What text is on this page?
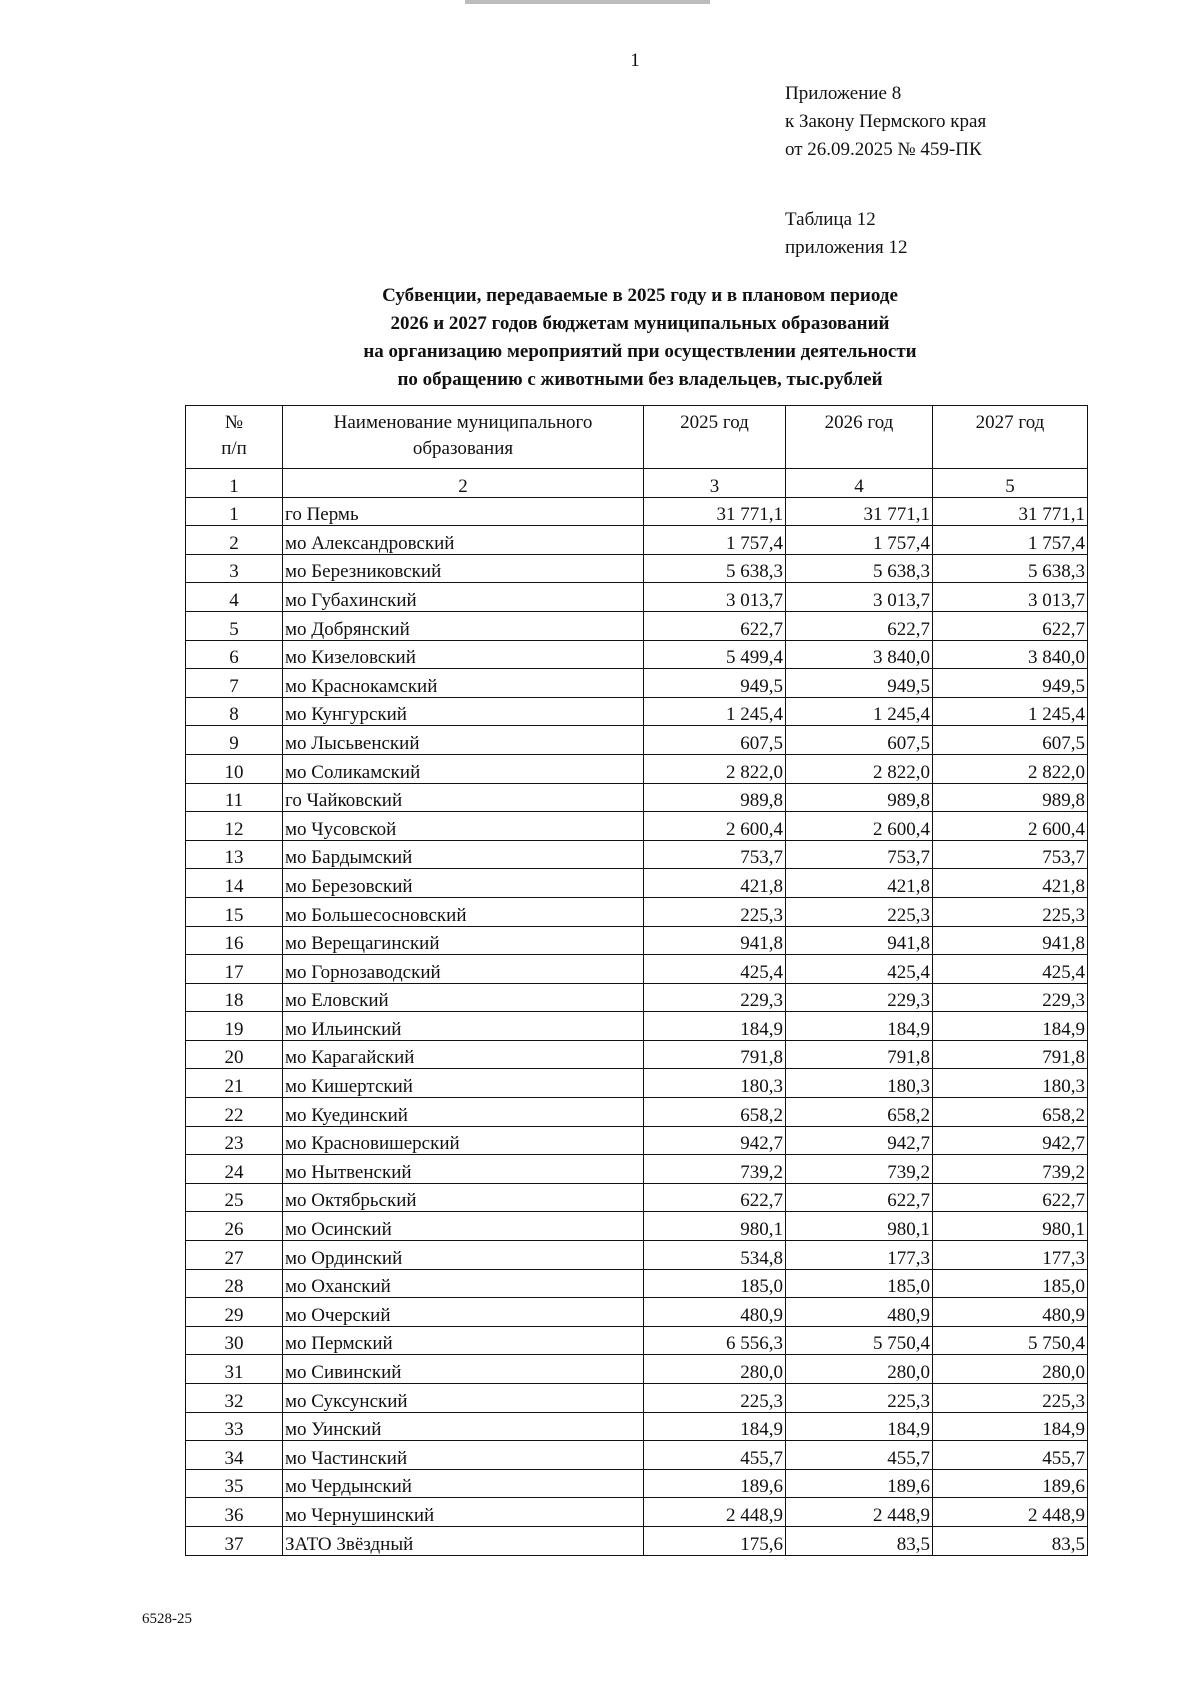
1
Приложение 8
к Закону Пермского края
от 26.09.2025 № 459-ПК
Таблица 12
приложения 12
Субвенции, передаваемые в 2025 году и в плановом периоде
2026 и 2027 годов бюджетам муниципальных образований
на организацию мероприятий при осуществлении деятельности
по обращению с животными без владельцев, тыс.рублей
№
п/п	Наименование муниципального образования	2025 год	2026 год	2027 год
1	2	3	4	5
1	го Пермь	31 771,1	31 771,1	31 771,1
2	мо Александровский	1 757,4	1 757,4	1 757,4
3	мо Березниковский	5 638,3	5 638,3	5 638,3
4	мо Губахинский	3 013,7	3 013,7	3 013,7
5	мо Добрянский	622,7	622,7	622,7
6	мо Кизеловский	5 499,4	3 840,0	3 840,0
7	мо Краснокамский	949,5	949,5	949,5
8	мо Кунгурский	1 245,4	1 245,4	1 245,4
9	мо Лысьвенский	607,5	607,5	607,5
10	мо Соликамский	2 822,0	2 822,0	2 822,0
11	го Чайковский	989,8	989,8	989,8
12	мо Чусовской	2 600,4	2 600,4	2 600,4
13	мо Бардымский	753,7	753,7	753,7
14	мо Березовский	421,8	421,8	421,8
15	мо Большесосновский	225,3	225,3	225,3
16	мо Верещагинский	941,8	941,8	941,8
17	мо Горнозаводский	425,4	425,4	425,4
18	мо Еловский	229,3	229,3	229,3
19	мо Ильинский	184,9	184,9	184,9
20	мо Карагайский	791,8	791,8	791,8
21	мо Кишертский	180,3	180,3	180,3
22	мо Куединский	658,2	658,2	658,2
23	мо Красновишерский	942,7	942,7	942,7
24	мо Нытвенский	739,2	739,2	739,2
25	мо Октябрьский	622,7	622,7	622,7
26	мо Осинский	980,1	980,1	980,1
27	мо Ординский	534,8	177,3	177,3
28	мо Оханский	185,0	185,0	185,0
29	мо Очерский	480,9	480,9	480,9
30	мо Пермский	6 556,3	5 750,4	5 750,4
31	мо Сивинский	280,0	280,0	280,0
32	мо Суксунский	225,3	225,3	225,3
33	мо Уинский	184,9	184,9	184,9
34	мо Частинский	455,7	455,7	455,7
35	мо Чердынский	189,6	189,6	189,6
36	мо Чернушинский	2 448,9	2 448,9	2 448,9
37	ЗАТО Звёздный	175,6	83,5	83,5
6528-25
